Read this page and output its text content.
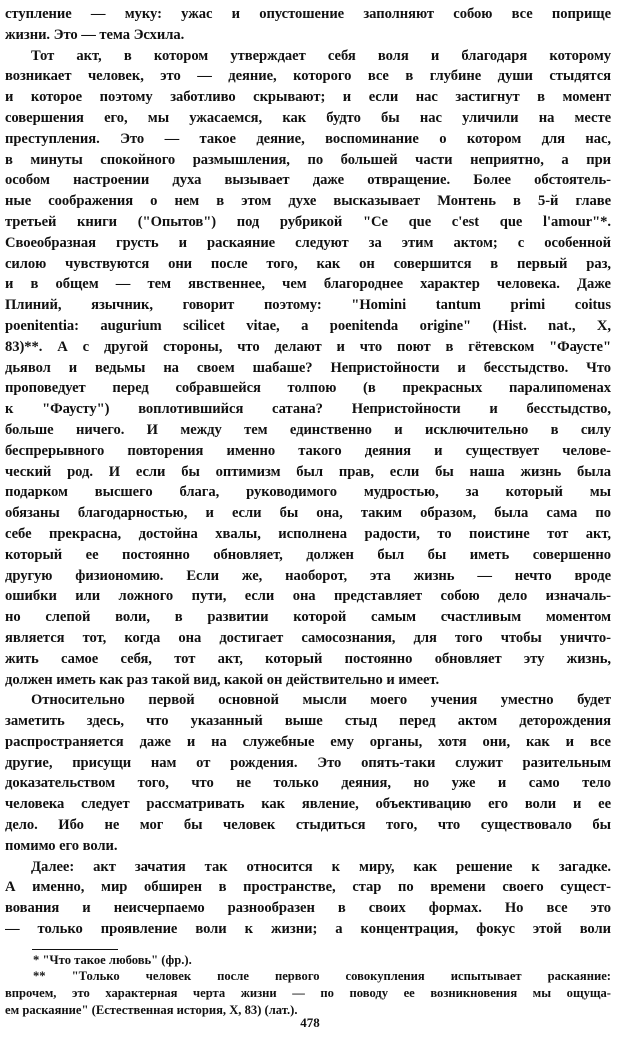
ступление — муку: ужас и опустошение заполняют собою все поприще
жизни. Это — тема Эсхила.
Тот акт, в котором утверждает себя воля и благодаря которому
возникает человек, это — деяние, которого все в глубине души стыдятся
и которое поэтому заботливо скрывают; и если нас застигнут в момент
совершения его, мы ужасаемся, как будто бы нас уличили на месте
преступления. Это — такое деяние, воспоминание о котором для нас,
в минуты спокойного размышления, по большей части неприятно, а при
особом настроении духа вызывает даже отвращение. Более обстоятель-
ные соображения о нем в этом духе высказывает Монтень в 5-й главе
третьей книги ("Опытов") под рубрикой "Ce que c'est que l'amour"*.
Своеобразная грусть и раскаяние следуют за этим актом; с особенной
силою чувствуются они после того, как он совершится в первый раз,
и в общем — тем явственнее, чем благороднее характер человека. Даже
Плиний, язычник, говорит поэтому: "Homini tantum primi coitus
poenitentia: augurium scilicet vitae, a poenitenda origine" (Hist. nat., X,
83)**. А с другой стороны, что делают и что поют в гётевском "Фаусте"
дьявол и ведьмы на своем шабаше? Непристойности и бесстыдство. Что
проповедует перед собравшейся толпою (в прекрасных паралипоменах
к "Фаусту") воплотившийся сатана? Непристойности и бесстыдство,
больше ничего. И между тем единственно и исключительно в силу
беспрерывного повторения именно такого деяния и существует челове-
ческий род. И если бы оптимизм был прав, если бы наша жизнь была
подарком высшего блага, руководимого мудростью, за который мы
обязаны благодарностью, и если бы она, таким образом, была сама по
себе прекрасна, достойна хвалы, исполнена радости, то поистине тот акт,
который ее постоянно обновляет, должен был бы иметь совершенно
другую физиономию. Если же, наоборот, эта жизнь — нечто вроде
ошибки или ложного пути, если она представляет собою дело изначаль-
но слепой воли, в развитии которой самым счастливым моментом
является тот, когда она достигает самосознания, для того чтобы уничто-
жить самое себя, тот акт, который постоянно обновляет эту жизнь,
должен иметь как раз такой вид, какой он действительно и имеет.
Относительно первой основной мысли моего учения уместно будет
заметить здесь, что указанный выше стыд перед актом деторождения
распространяется даже и на служебные ему органы, хотя они, как и все
другие, присущи нам от рождения. Это опять-таки служит разительным
доказательством того, что не только деяния, но уже и само тело
человека следует рассматривать как явление, объективацию его воли и ее
дело. Ибо не мог бы человек стыдиться того, что существовало бы
помимо его воли.
Далее: акт зачатия так относится к миру, как решение к загадке.
А именно, мир обширен в пространстве, стар по времени своего сущест-
вования и неисчерпаемо разнообразен в своих формах. Но все это
— только проявление воли к жизни; а концентрация, фокус этой воли
* "Что такое любовь" (фр.).
** "Только человек после первого совокупления испытывает раскаяние:
впрочем, это характерная черта жизни — по поводу ее возникновения мы ощуща-
ем раскаяние" (Естественная история, X, 83) (лат.).
478
